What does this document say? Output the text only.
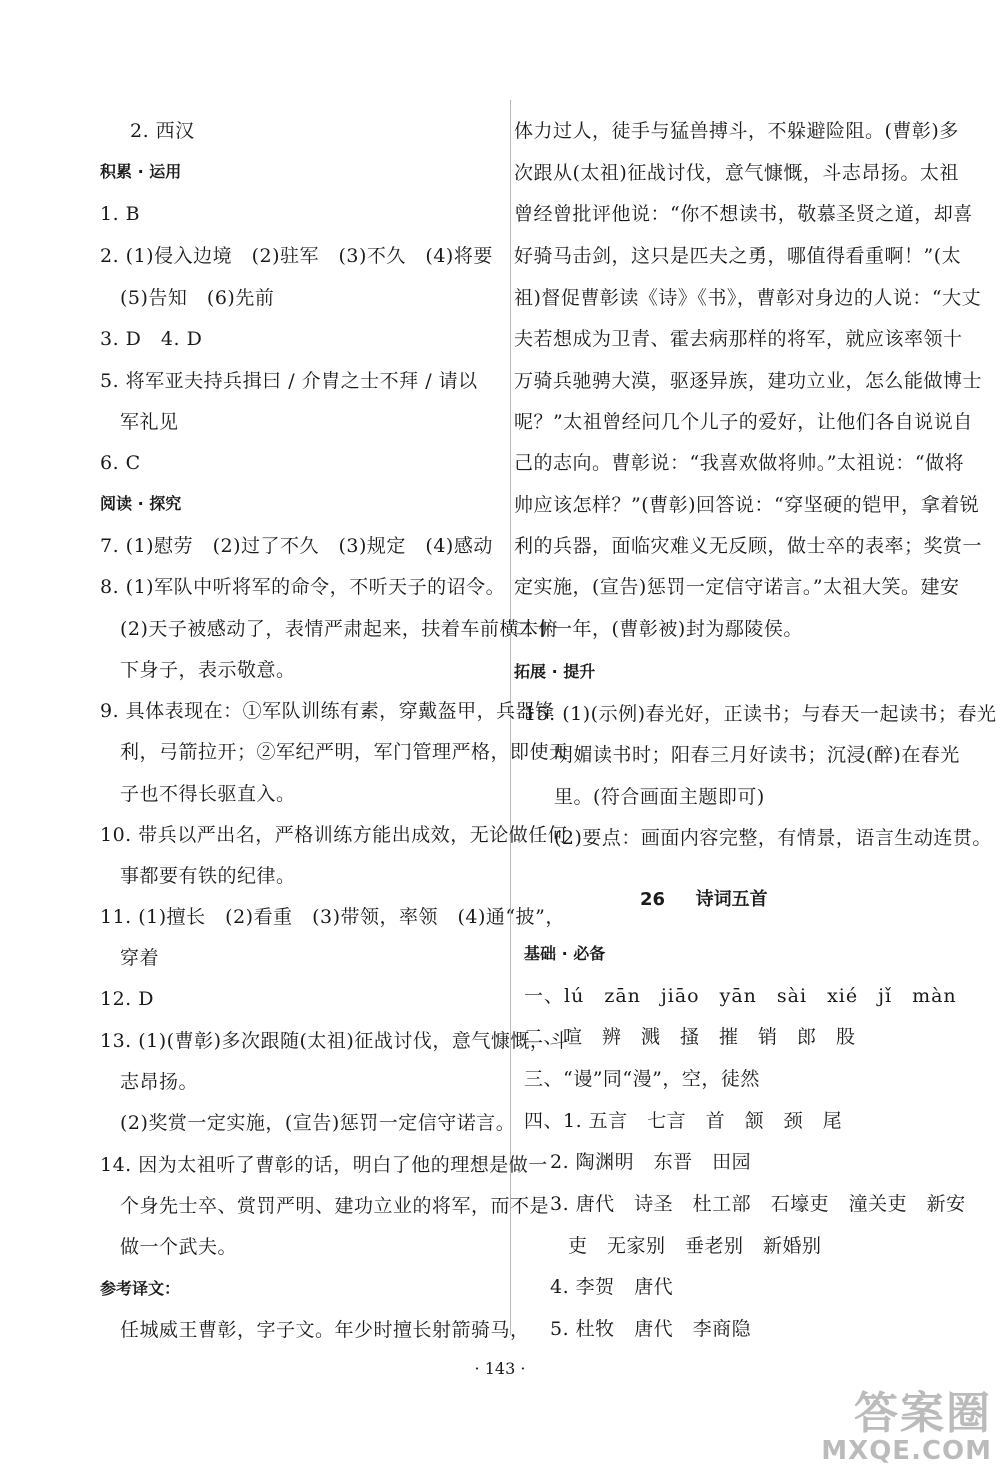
2. 西汉
积累 · 运用
1. B
2. (1)侵入边境　(2)驻军　(3)不久　(4)将要
(5)告知　(6)先前
3. D　4. D
5. 将军亚夫持兵揖曰 / 介胄之士不拜 / 请以
军礼见
6. C
阅读 · 探究
7. (1)慰劳　(2)过了不久　(3)规定　(4)感动
8. (1)军队中听将军的命令，不听天子的诏令。
(2)天子被感动了，表情严肃起来，扶着车前横木俯
下身子，表示敬意。
9. 具体表现在：①军队训练有素，穿戴盔甲，兵器锋
利，弓箭拉开；②军纪严明，军门管理严格，即使天
子也不得长驱直入。
10. 带兵以严出名，严格训练方能出成效，无论做任何
事都要有铁的纪律。
11. (1)擅长　(2)看重　(3)带领，率领　(4)通“披”，
穿着
12. D
13. (1)(曹彰)多次跟随(太祖)征战讨伐，意气慷慨，斗
志昂扬。
(2)奖赏一定实施，(宣告)惩罚一定信守诺言。
14. 因为太祖听了曹彰的话，明白了他的理想是做一
个身先士卒、赏罚严明、建功立业的将军，而不是
做一个武夫。
参考译文：
任城威王曹彰，字子文。年少时擅长射箭骑马，
体力过人，徒手与猛兽搏斗，不躲避险阻。(曹彰)多
次跟从(太祖)征战讨伐，意气慷慨，斗志昂扬。太祖
曾经曾批评他说：“你不想读书，敬慕圣贤之道，却喜
好骑马击剑，这只是匹夫之勇，哪值得看重啊！”(太
祖)督促曹彰读《诗》《书》，曹彰对身边的人说：“大丈
夫若想成为卫青、霍去病那样的将军，就应该率领十
万骑兵驰骋大漠，驱逐异族，建功立业，怎么能做博士
呢？”太祖曾经问几个儿子的爱好，让他们各自说说自
己的志向。曹彰说：“我喜欢做将帅。”太祖说：“做将
帅应该怎样？”(曹彰)回答说：“穿坚硬的铠甲，拿着锐
利的兵器，面临灾难义无反顾，做士卒的表率；奖赏一
定实施，(宣告)惩罚一定信守诺言。”太祖大笑。建安
二十一年，(曹彰被)封为鄢陵侯。
拓展 · 提升
15. (1)(示例)春光好，正读书；与春天一起读书；春光
明媚读书时；阳春三月好读书；沉浸(醉)在春光
里。(符合画面主题即可)
(2)要点：画面内容完整，有情景，语言生动连贯。
26 诗词五首
基础 · 必备
一、lú　zān　jiāo　yān　sài　xié　jǐ　màn
二、喧　辨　溅　搔　摧　销　郎　股
三、“谩”同“漫”，空，徒然
四、1. 五言　七言　首　颔　颈　尾
2. 陶渊明　东晋　田园
3. 唐代　诗圣　杜工部　石壕吏　潼关吏　新安
吏　无家别　垂老别　新婚别
4. 李贺　唐代
5. 杜牧　唐代　李商隐
· 143 ·
答案圈
MXQE.COM
